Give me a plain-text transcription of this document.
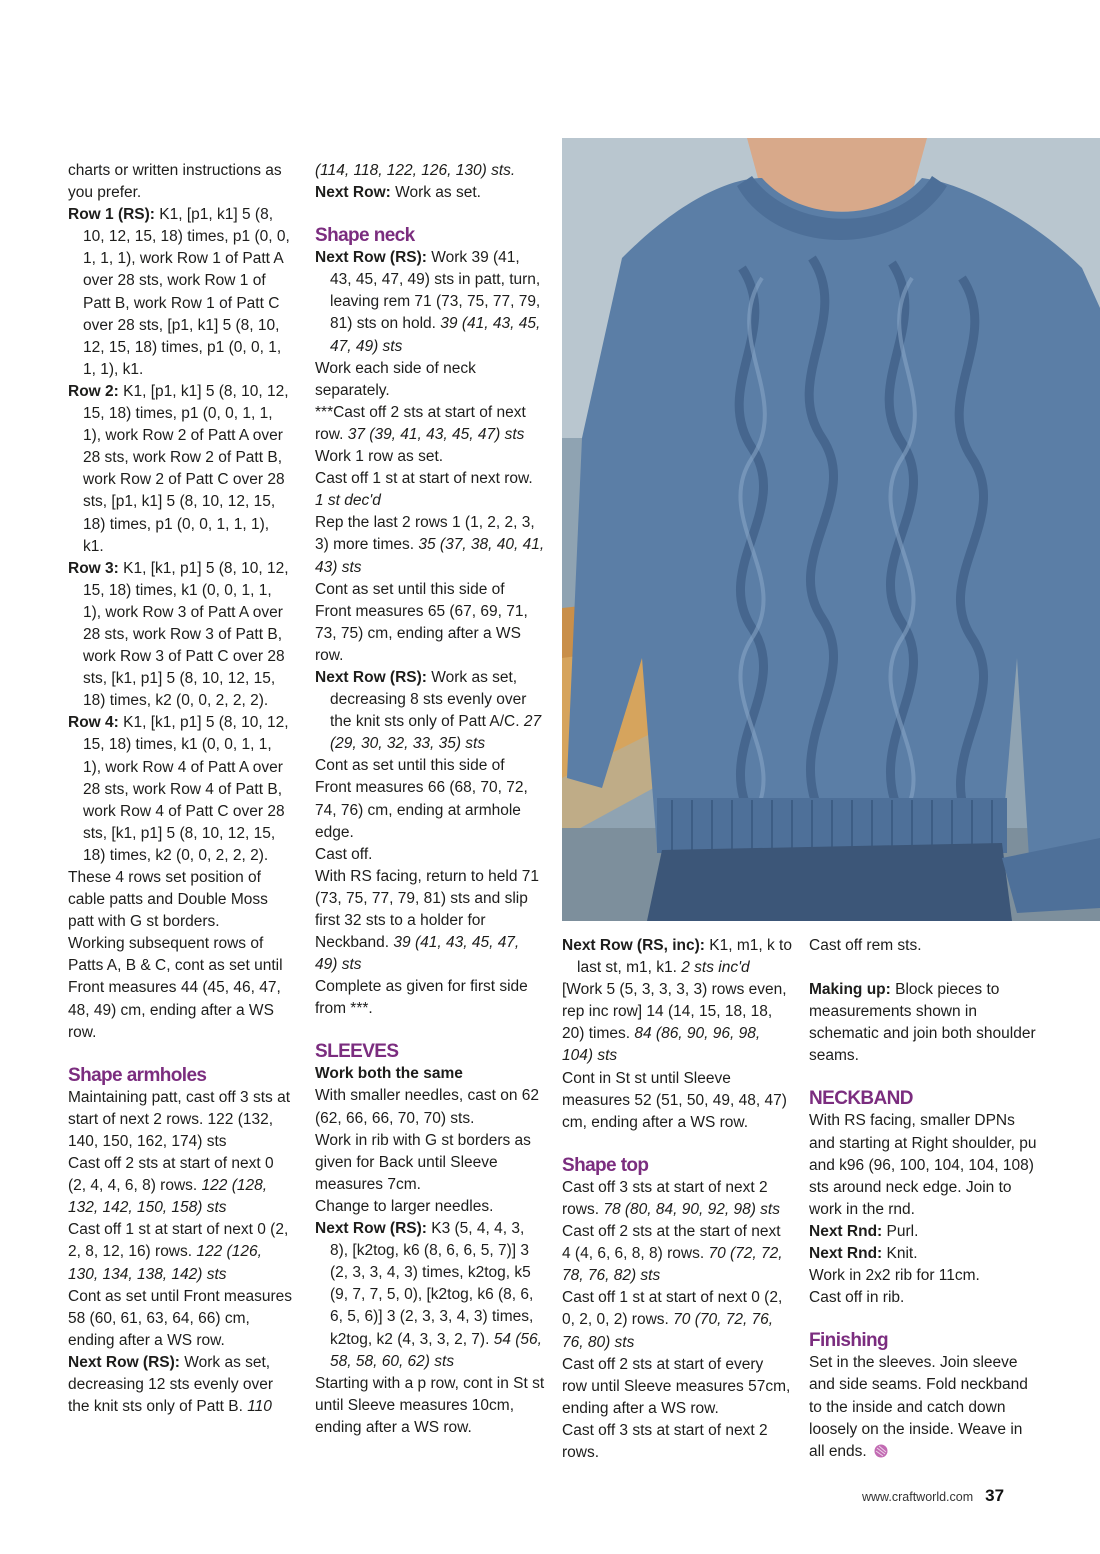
charts or written instructions as you prefer.

Row 1 (RS): K1, [p1, k1] 5 (8, 10, 12, 15, 18) times, p1 (0, 0, 1, 1, 1), work Row 1 of Patt A over 28 sts, work Row 1 of Patt B, work Row 1 of Patt C over 28 sts, [p1, k1] 5 (8, 10, 12, 15, 18) times, p1 (0, 0, 1, 1, 1), k1.

Row 2: K1, [p1, k1] 5 (8, 10, 12, 15, 18) times, p1 (0, 0, 1, 1, 1), work Row 2 of Patt A over 28 sts, work Row 2 of Patt B, work Row 2 of Patt C over 28 sts, [p1, k1] 5 (8, 10, 12, 15, 18) times, p1 (0, 0, 1, 1, 1), k1.

Row 3: K1, [k1, p1] 5 (8, 10, 12, 15, 18) times, k1 (0, 0, 1, 1, 1), work Row 3 of Patt A over 28 sts, work Row 3 of Patt B, work Row 3 of Patt C over 28 sts, [k1, p1] 5 (8, 10, 12, 15, 18) times, k2 (0, 0, 2, 2, 2).

Row 4: K1, [k1, p1] 5 (8, 10, 12, 15, 18) times, k1 (0, 0, 1, 1, 1), work Row 4 of Patt A over 28 sts, work Row 4 of Patt B, work Row 4 of Patt C over 28 sts, [k1, p1] 5 (8, 10, 12, 15, 18) times, k2 (0, 0, 2, 2, 2).

These 4 rows set position of cable patts and Double Moss patt with G st borders.

Working subsequent rows of Patts A, B & C, cont as set until Front measures 44 (45, 46, 47, 48, 49) cm, ending after a WS row.

Shape armholes

Maintaining patt, cast off 3 sts at start of next 2 rows. 122 (132, 140, 150, 162, 174) sts

Cast off 2 sts at start of next 0 (2, 4, 4, 6, 8) rows. 122 (128, 132, 142, 150, 158) sts

Cast off 1 st at start of next 0 (2, 2, 8, 12, 16) rows. 122 (126, 130, 134, 138, 142) sts

Cont as set until Front measures 58 (60, 61, 63, 64, 66) cm, ending after a WS row.

Next Row (RS): Work as set, decreasing 12 sts evenly over the knit sts only of Patt B. 110

(114, 118, 122, 126, 130) sts.

Next Row: Work as set.

Shape neck

Next Row (RS): Work 39 (41, 43, 45, 47, 49) sts in patt, turn, leaving rem 71 (73, 75, 77, 79, 81) sts on hold. 39 (41, 43, 45, 47, 49) sts

Work each side of neck separately.

***Cast off 2 sts at start of next row. 37 (39, 41, 43, 45, 47) sts

Work 1 row as set.

Cast off 1 st at start of next row. 1 st dec'd

Rep the last 2 rows 1 (1, 2, 2, 3, 3) more times. 35 (37, 38, 40, 41, 43) sts

Cont as set until this side of Front measures 65 (67, 69, 71, 73, 75) cm, ending after a WS row.

Next Row (RS): Work as set, decreasing 8 sts evenly over the knit sts only of Patt A/C. 27 (29, 30, 32, 33, 35) sts

Cont as set until this side of Front measures 66 (68, 70, 72, 74, 76) cm, ending at armhole edge.

Cast off.

With RS facing, return to held 71 (73, 75, 77, 79, 81) sts and slip first 32 sts to a holder for Neckband. 39 (41, 43, 45, 47, 49) sts

Complete as given for first side from ***.

SLEEVES
Work both the same

With smaller needles, cast on 62 (62, 66, 66, 70, 70) sts.

Work in rib with G st borders as given for Back until Sleeve measures 7cm.

Change to larger needles.

Next Row (RS): K3 (5, 4, 4, 3, 8), [k2tog, k6 (8, 6, 6, 5, 7)] 3 (2, 3, 3, 4, 3) times, k2tog, k5 (9, 7, 7, 5, 0), [k2tog, k6 (8, 6, 6, 5, 6)] 3 (2, 3, 3, 4, 3) times, k2tog, k2 (4, 3, 3, 2, 7). 54 (56, 58, 58, 60, 62) sts

Starting with a p row, cont in St st until Sleeve measures 10cm, ending after a WS row.

Next Row (RS, inc): K1, m1, k to last st, m1, k1. 2 sts inc'd

[Work 5 (5, 3, 3, 3, 3) rows even, rep inc row] 14 (14, 15, 18, 18, 20) times. 84 (86, 90, 96, 98, 104) sts

Cont in St st until Sleeve measures 52 (51, 50, 49, 48, 47) cm, ending after a WS row.

Shape top

Cast off 3 sts at start of next 2 rows. 78 (80, 84, 90, 92, 98) sts

Cast off 2 sts at the start of next 4 (4, 6, 6, 8, 8) rows. 70 (72, 72, 78, 76, 82) sts

Cast off 1 st at start of next 0 (2, 0, 2, 0, 2) rows. 70 (70, 72, 76, 76, 80) sts

Cast off 2 sts at start of every row until Sleeve measures 57cm, ending after a WS row.

Cast off 3 sts at start of next 2 rows.

Cast off rem sts.

Making up: Block pieces to measurements shown in schematic and join both shoulder seams.

NECKBAND

With RS facing, smaller DPNs and starting at Right shoulder, pu and k96 (96, 100, 104, 104, 108) sts around neck edge. Join to work in the rnd.

Next Rnd: Purl.

Next Rnd: Knit.

Work in 2x2 rib for 11cm.

Cast off in rib.

Finishing

Set in the sleeves. Join sleeve and side seams. Fold neckband to the inside and catch down loosely on the inside. Weave in all ends.

www.craftworld.com 37
